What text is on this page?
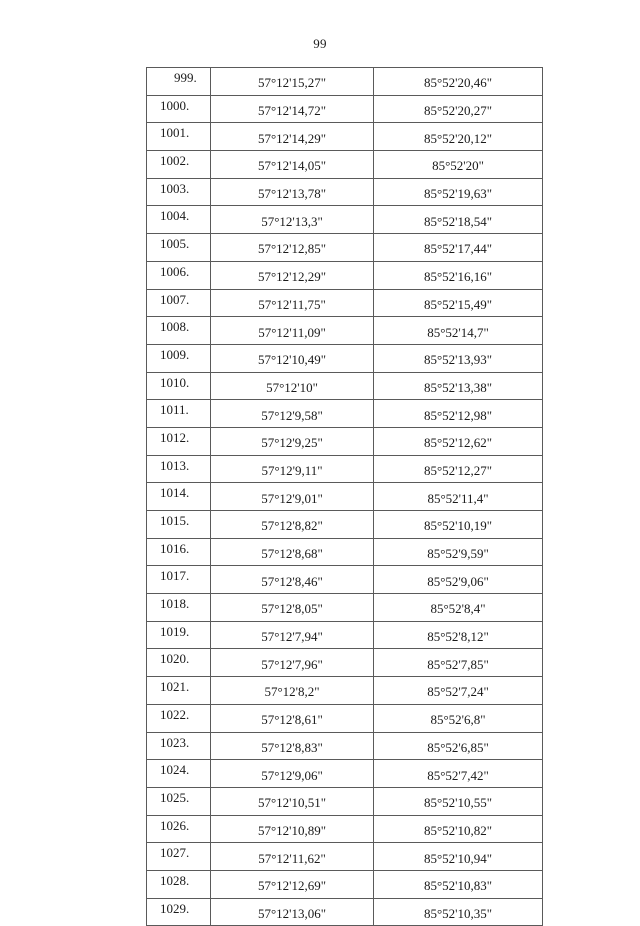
99
999.	57°12'15,27"	85°52'20,46"
1000.	57°12'14,72"	85°52'20,27"
1001.	57°12'14,29"	85°52'20,12"
1002.	57°12'14,05"	85°52'20"
1003.	57°12'13,78"	85°52'19,63"
1004.	57°12'13,3"	85°52'18,54"
1005.	57°12'12,85"	85°52'17,44"
1006.	57°12'12,29"	85°52'16,16"
1007.	57°12'11,75"	85°52'15,49"
1008.	57°12'11,09"	85°52'14,7"
1009.	57°12'10,49"	85°52'13,93"
1010.	57°12'10"	85°52'13,38"
1011.	57°12'9,58"	85°52'12,98"
1012.	57°12'9,25"	85°52'12,62"
1013.	57°12'9,11"	85°52'12,27"
1014.	57°12'9,01"	85°52'11,4"
1015.	57°12'8,82"	85°52'10,19"
1016.	57°12'8,68"	85°52'9,59"
1017.	57°12'8,46"	85°52'9,06"
1018.	57°12'8,05"	85°52'8,4"
1019.	57°12'7,94"	85°52'8,12"
1020.	57°12'7,96"	85°52'7,85"
1021.	57°12'8,2"	85°52'7,24"
1022.	57°12'8,61"	85°52'6,8"
1023.	57°12'8,83"	85°52'6,85"
1024.	57°12'9,06"	85°52'7,42"
1025.	57°12'10,51"	85°52'10,55"
1026.	57°12'10,89"	85°52'10,82"
1027.	57°12'11,62"	85°52'10,94"
1028.	57°12'12,69"	85°52'10,83"
1029.	57°12'13,06"	85°52'10,35"
